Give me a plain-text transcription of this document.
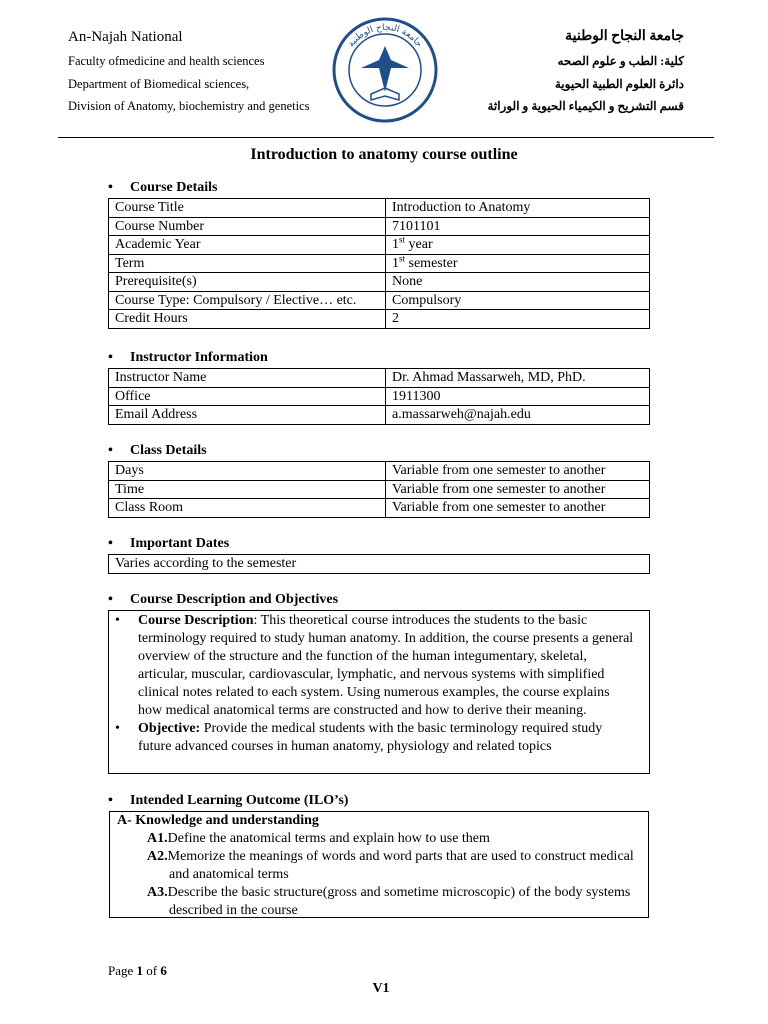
An-Najah National
Faculty ofmedicine and health sciences
Department of Biomedical sciences,
Division of Anatomy, biochemistry and genetics
جامعة النجاح الوطنية
جامعة النجاح الوطنية
كلية: الطب و علوم الصحه
دائرة العلوم الطبية الحيوية
قسم التشريح و الكيمياء الحيوية و الوراثة
Introduction to anatomy course outline
• Course Details
Course Title	Introduction to Anatomy
Course Number	7101101
Academic Year	1st year
Term	1st semester
Prerequisite(s)	None
Course Type: Compulsory / Elective… etc.	Compulsory
Credit Hours	2
• Instructor Information
Instructor Name	Dr. Ahmad Massarweh, MD, PhD.
Office	1911300
Email Address	a.massarweh@najah.edu
• Class Details
Days	Variable from one semester to another
Time	Variable from one semester to another
Class Room	Variable from one semester to another
• Important Dates
Varies according to the semester
• Course Description and Objectives
• Course Description: This theoretical course introduces the students to the basic terminology required to study human anatomy. In addition, the course presents a general overview of the structure and the function of the human integumentary, skeletal, articular, muscular, cardiovascular, lymphatic, and nervous systems with simplified clinical notes related to each system. Using numerous examples, the course explains how medical anatomical terms are constructed and how to derive their meaning.
• Objective: Provide the medical students with the basic terminology required study future advanced courses in human anatomy, physiology and related topics
• Intended Learning Outcome (ILO’s)

A- Knowledge and understanding

A1.Define the anatomical terms and explain how to use them

A2.Memorize the meanings of words and word parts that are used to construct medical and anatomical terms

A3.Describe the basic structure(gross and sometime microscopic) of the body systems described in the course

Page 1 of 6
V1
